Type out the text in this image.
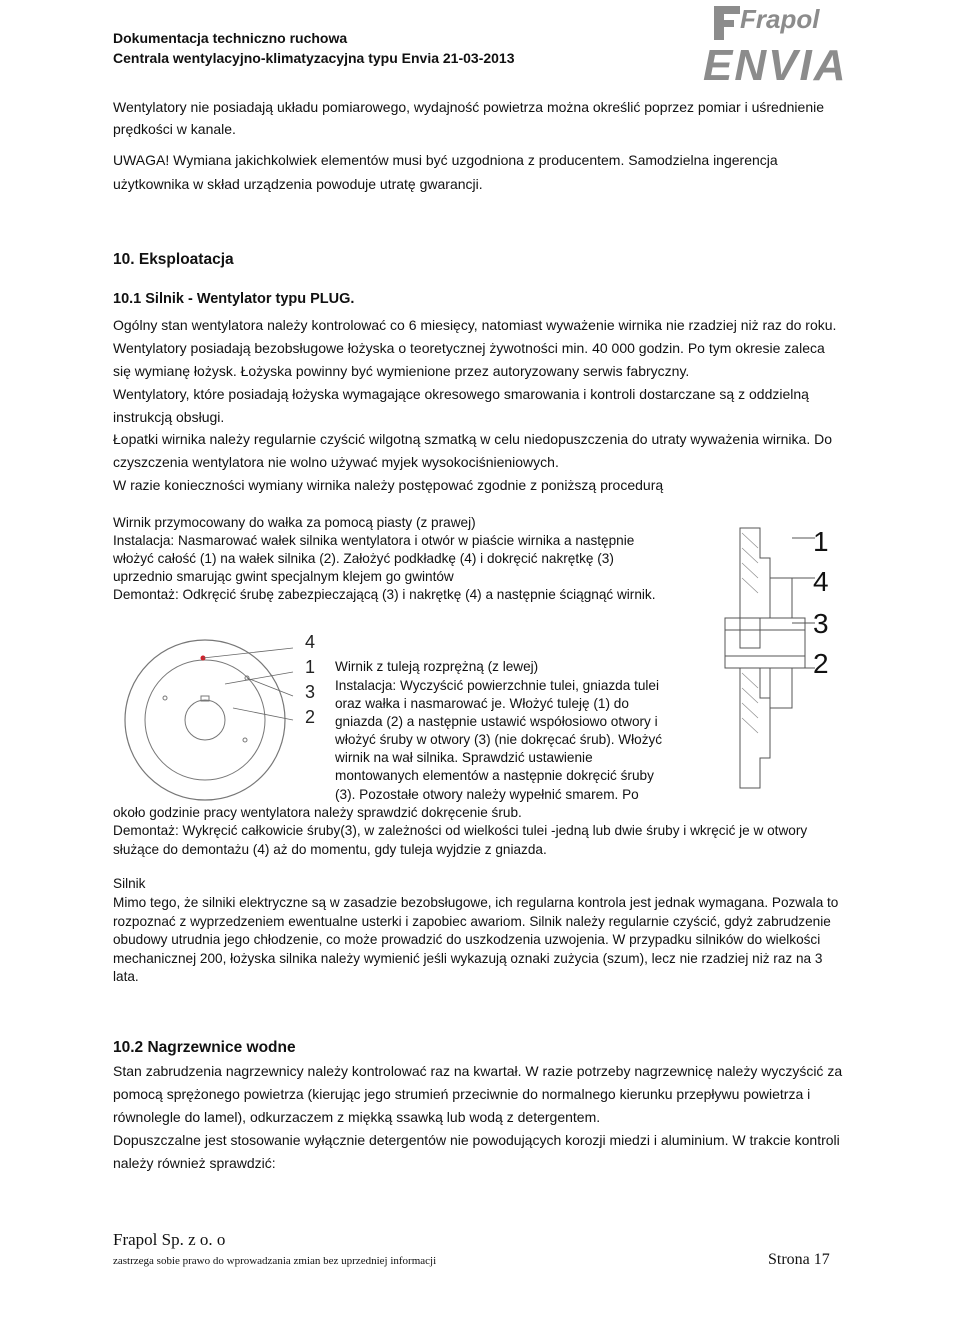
Dokumentacja techniczno ruchowa
Centrala wentylacyjno-klimatyzacyjna typu Envia 21-03-2013
Frapol
ENVIA
Wentylatory nie posiadają układu pomiarowego, wydajność powietrza można określić poprzez pomiar i uśrednienie prędkości w kanale.
UWAGA! Wymiana jakichkolwiek elementów musi być uzgodniona z producentem. Samodzielna ingerencja użytkownika w skład urządzenia powoduje utratę gwarancji.
10. Eksploatacja
10.1 Silnik - Wentylator typu PLUG.
Ogólny stan wentylatora należy kontrolować co 6 miesięcy, natomiast wyważenie wirnika nie rzadziej niż raz do roku. Wentylatory posiadają bezobsługowe łożyska o teoretycznej żywotności min. 40 000 godzin. Po tym okresie zaleca się wymianę łożysk. Łożyska powinny być wymienione przez autoryzowany serwis fabryczny.
Wentylatory, które posiadają łożyska wymagające okresowego smarowania i kontroli dostarczane są z oddzielną instrukcją obsługi.
Łopatki wirnika należy regularnie czyścić wilgotną szmatką w celu niedopuszczenia do utraty wyważenia wirnika. Do czyszczenia wentylatora nie wolno używać myjek wysokociśnieniowych.
W razie konieczności wymiany wirnika należy postępować zgodnie z poniższą procedurą
Wirnik przymocowany do wałka za pomocą piasty (z prawej)
Instalacja: Nasmarować wałek silnika wentylatora i otwór w piaście wirnika a następnie
włożyć całość (1) na wałek silnika (2). Założyć podkładkę (4) i dokręcić nakrętkę (3)
uprzednio smarując gwint specjalnym klejem go gwintów
Demontaż: Odkręcić śrubę zabezpieczającą (3) i nakrętkę (4) a następnie ściągnąć wirnik.
4
1
3
2
1
4
3
2
Wirnik z tuleją rozprężną (z lewej)
Instalacja: Wyczyścić powierzchnie tulei, gniazda tulei
oraz wałka i nasmarować je. Włożyć tuleję (1) do
gniazda (2) a następnie ustawić współosiowo otwory i
włożyć śruby w otwory (3) (nie dokręcać śrub). Włożyć
wirnik na wał silnika. Sprawdzić ustawienie
montowanych elementów a następnie dokręcić śruby
(3). Pozostałe otwory należy wypełnić smarem. Po
około godzinie pracy wentylatora należy sprawdzić dokręcenie śrub.
Demontaż: Wykręcić całkowicie śruby(3), w zależności od wielkości tulei -jedną lub dwie śruby i wkręcić je w otwory służące do demontażu (4) aż do momentu, gdy tuleja wyjdzie z gniazda.
Silnik
Mimo tego, że silniki elektryczne są w zasadzie bezobsługowe, ich regularna kontrola jest jednak wymagana. Pozwala to rozpoznać z wyprzedzeniem ewentualne usterki i zapobiec awariom. Silnik należy regularnie czyścić, gdyż zabrudzenie obudowy utrudnia jego chłodzenie, co może prowadzić do uszkodzenia uzwojenia. W przypadku silników do wielkości mechanicznej 200, łożyska silnika należy wymienić jeśli wykazują oznaki zużycia (szum), lecz nie rzadziej niż raz na 3 lata.
10.2 Nagrzewnice wodne
Stan zabrudzenia nagrzewnicy należy kontrolować raz na kwartał. W razie potrzeby nagrzewnicę należy wyczyścić za pomocą sprężonego powietrza (kierując jego strumień przeciwnie do normalnego kierunku przepływu powietrza i równolegle do lamel), odkurzaczem z miękką ssawką lub wodą z detergentem.
Dopuszczalne jest stosowanie wyłącznie detergentów nie powodujących korozji miedzi i aluminium. W trakcie kontroli należy również sprawdzić:
Frapol Sp. z o. o
zastrzega sobie prawo do wprowadzania zmian bez uprzedniej informacji	Strona 17
